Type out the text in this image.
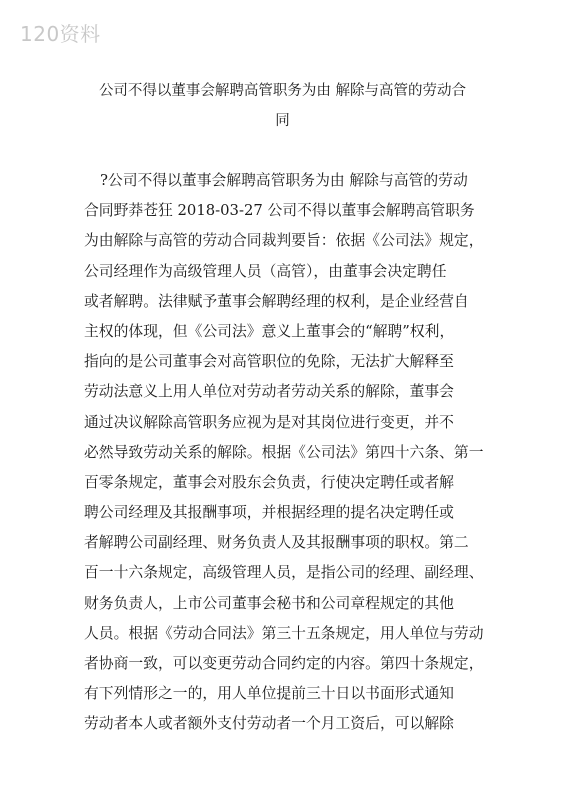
120资料
公司不得以董事会解聘高管职务为由 解除与高管的劳动合
同
?公司不得以董事会解聘高管职务为由 解除与高管的劳动
合同野莽苍狂 2018-03-27 公司不得以董事会解聘高管职务
为由解除与高管的劳动合同裁判要旨：依据《公司法》规定，
公司经理作为高级管理人员（高管），由董事会决定聘任
或者解聘。法律赋予董事会解聘经理的权利，是企业经营自
主权的体现，但《公司法》意义上董事会的“解聘”权利，
指向的是公司董事会对高管职位的免除，无法扩大解释至
劳动法意义上用人单位对劳动者劳动关系的解除，董事会
通过决议解除高管职务应视为是对其岗位进行变更，并不
必然导致劳动关系的解除。根据《公司法》第四十六条、第一
百零条规定，董事会对股东会负责，行使决定聘任或者解
聘公司经理及其报酬事项，并根据经理的提名决定聘任或
者解聘公司副经理、财务负责人及其报酬事项的职权。第二
百一十六条规定，高级管理人员，是指公司的经理、副经理、
财务负责人，上市公司董事会秘书和公司章程规定的其他
人员。根据《劳动合同法》第三十五条规定，用人单位与劳动
者协商一致，可以变更劳动合同约定的内容。第四十条规定，
有下列情形之一的，用人单位提前三十日以书面形式通知
劳动者本人或者额外支付劳动者一个月工资后，可以解除
